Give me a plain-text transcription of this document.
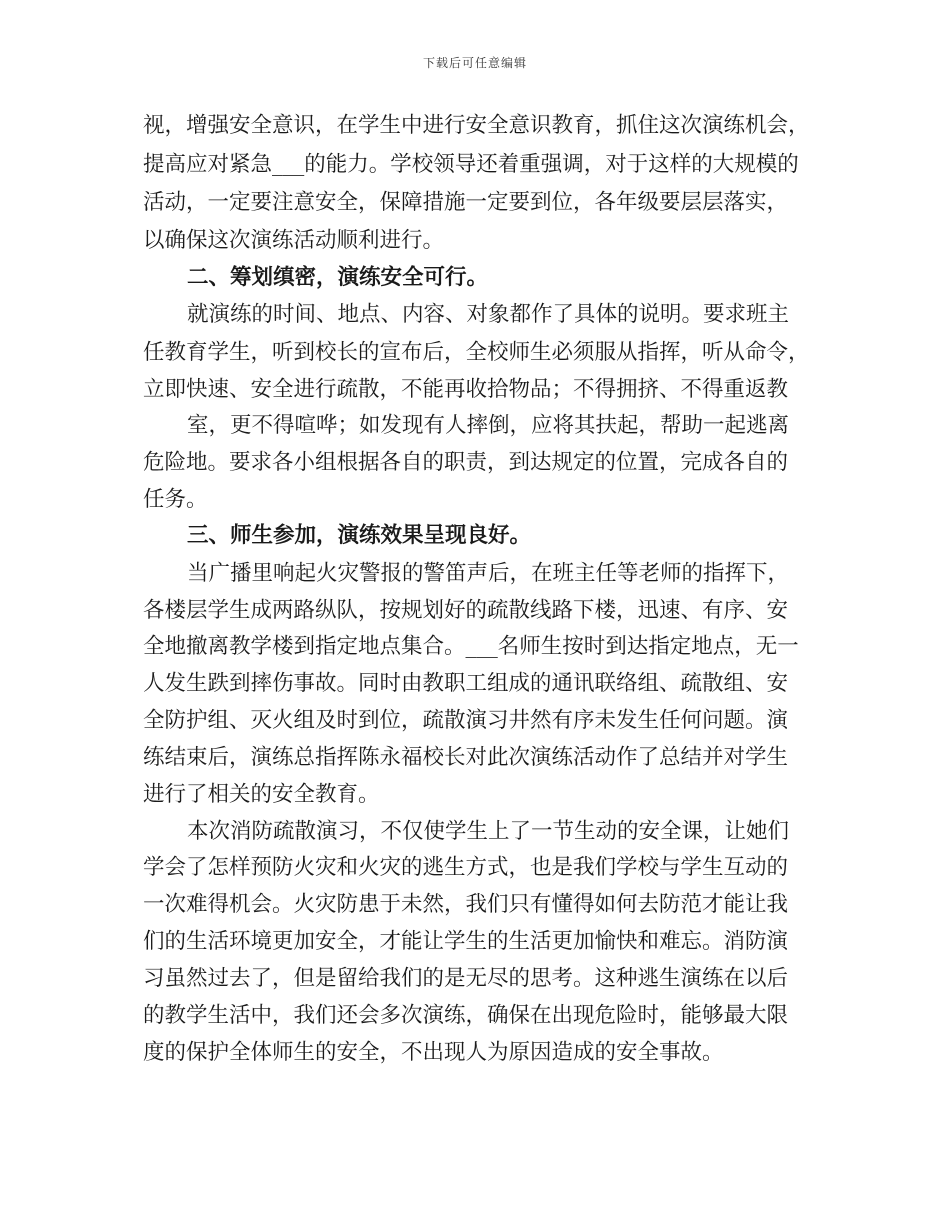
下载后可任意编辑
视，增强安全意识，在学生中进行安全意识教育，抓住这次演练机会，
提高应对紧急___的能力。学校领导还着重强调，对于这样的大规模的
活动，一定要注意安全，保障措施一定要到位，各年级要层层落实，
以确保这次演练活动顺利进行。
二、筹划缜密，演练安全可行。
就演练的时间、地点、内容、对象都作了具体的说明。要求班主
任教育学生，听到校长的宣布后，全校师生必须服从指挥，听从命令，
立即快速、安全进行疏散，不能再收拾物品；不得拥挤、不得重返教
室，更不得喧哗；如发现有人摔倒，应将其扶起，帮助一起逃离
危险地。要求各小组根据各自的职责，到达规定的位置，完成各自的
任务。
三、师生参加，演练效果呈现良好。
当广播里响起火灾警报的警笛声后，在班主任等老师的指挥下，
各楼层学生成两路纵队，按规划好的疏散线路下楼，迅速、有序、安
全地撤离教学楼到指定地点集合。___名师生按时到达指定地点，无一
人发生跌到摔伤事故。同时由教职工组成的通讯联络组、疏散组、安
全防护组、灭火组及时到位，疏散演习井然有序未发生任何问题。演
练结束后，演练总指挥陈永福校长对此次演练活动作了总结并对学生
进行了相关的安全教育。
本次消防疏散演习，不仅使学生上了一节生动的安全课，让她们
学会了怎样预防火灾和火灾的逃生方式，也是我们学校与学生互动的
一次难得机会。火灾防患于未然，我们只有懂得如何去防范才能让我
们的生活环境更加安全，才能让学生的生活更加愉快和难忘。消防演
习虽然过去了，但是留给我们的是无尽的思考。这种逃生演练在以后
的教学生活中，我们还会多次演练，确保在出现危险时，能够最大限
度的保护全体师生的安全，不出现人为原因造成的安全事故。
